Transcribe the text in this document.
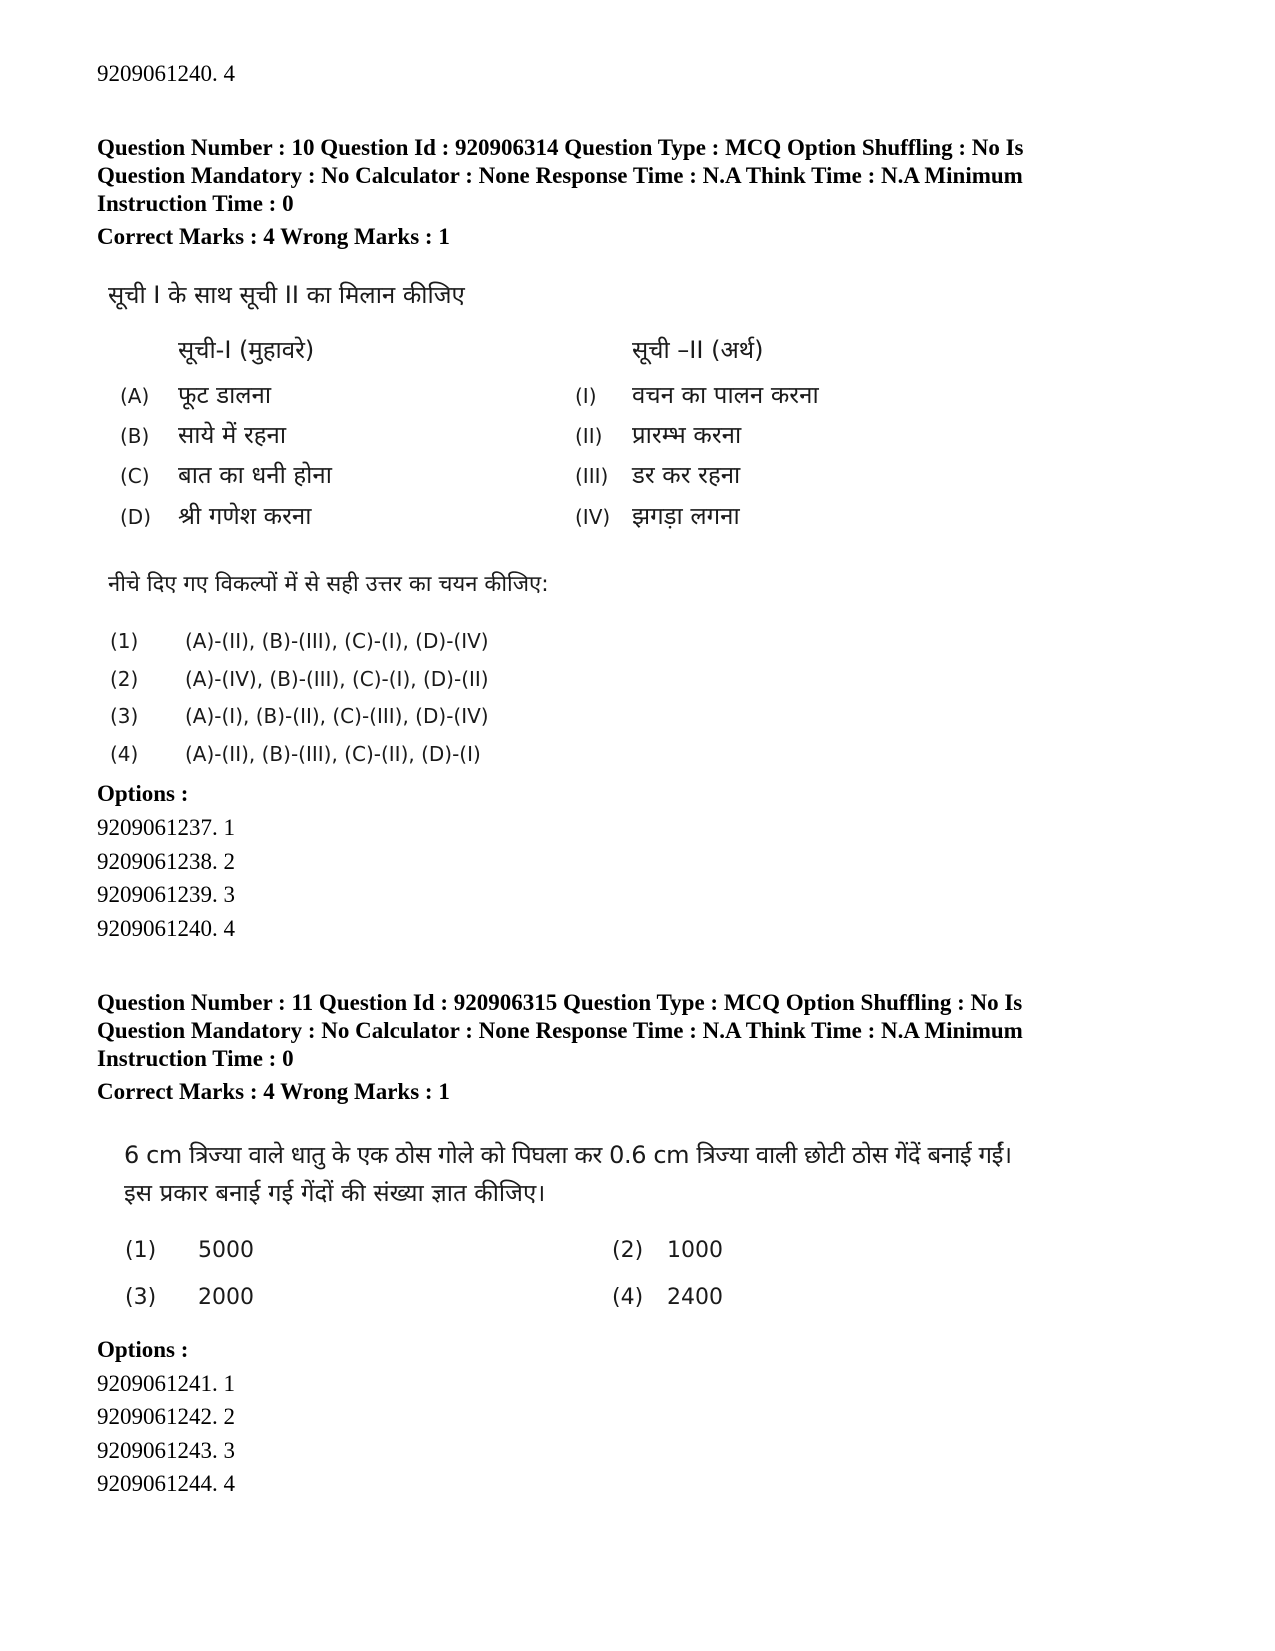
9209061240. 4
Question Number : 10 Question Id : 920906314 Question Type : MCQ Option Shuffling : No Is
Question Mandatory : No Calculator : None Response Time : N.A Think Time : N.A Minimum
Instruction Time : 0
Correct Marks : 4 Wrong Marks : 1
सूची I के साथ सूची II का मिलान कीजिए
सूची-I (मुहावरे)	सूची –II (अर्थ)
(A) फूट डालना	(I) वचन का पालन करना
(B) साये में रहना	(II) प्रारम्भ करना
(C) बात का धनी होना	(III) डर कर रहना
(D) श्री गणेश करना	(IV) झगड़ा लगना
नीचे दिए गए विकल्पों में से सही उत्तर का चयन कीजिए:
(1) (A)-(II), (B)-(III), (C)-(I), (D)-(IV)
(2) (A)-(IV), (B)-(III), (C)-(I), (D)-(II)
(3) (A)-(I), (B)-(II), (C)-(III), (D)-(IV)
(4) (A)-(II), (B)-(III), (C)-(II), (D)-(I)
Options :
9209061237. 1
9209061238. 2
9209061239. 3
9209061240. 4
Question Number : 11 Question Id : 920906315 Question Type : MCQ Option Shuffling : No Is
Question Mandatory : No Calculator : None Response Time : N.A Think Time : N.A Minimum
Instruction Time : 0
Correct Marks : 4 Wrong Marks : 1
6 cm त्रिज्या वाले धातु के एक ठोस गोले को पिघला कर 0.6 cm त्रिज्या वाली छोटी ठोस गेंदें बनाई गईं।
इस प्रकार बनाई गई गेंदों की संख्या ज्ञात कीजिए।
(1) 5000	(2) 1000
(3) 2000	(4) 2400
Options :
9209061241. 1
9209061242. 2
9209061243. 3
9209061244. 4
